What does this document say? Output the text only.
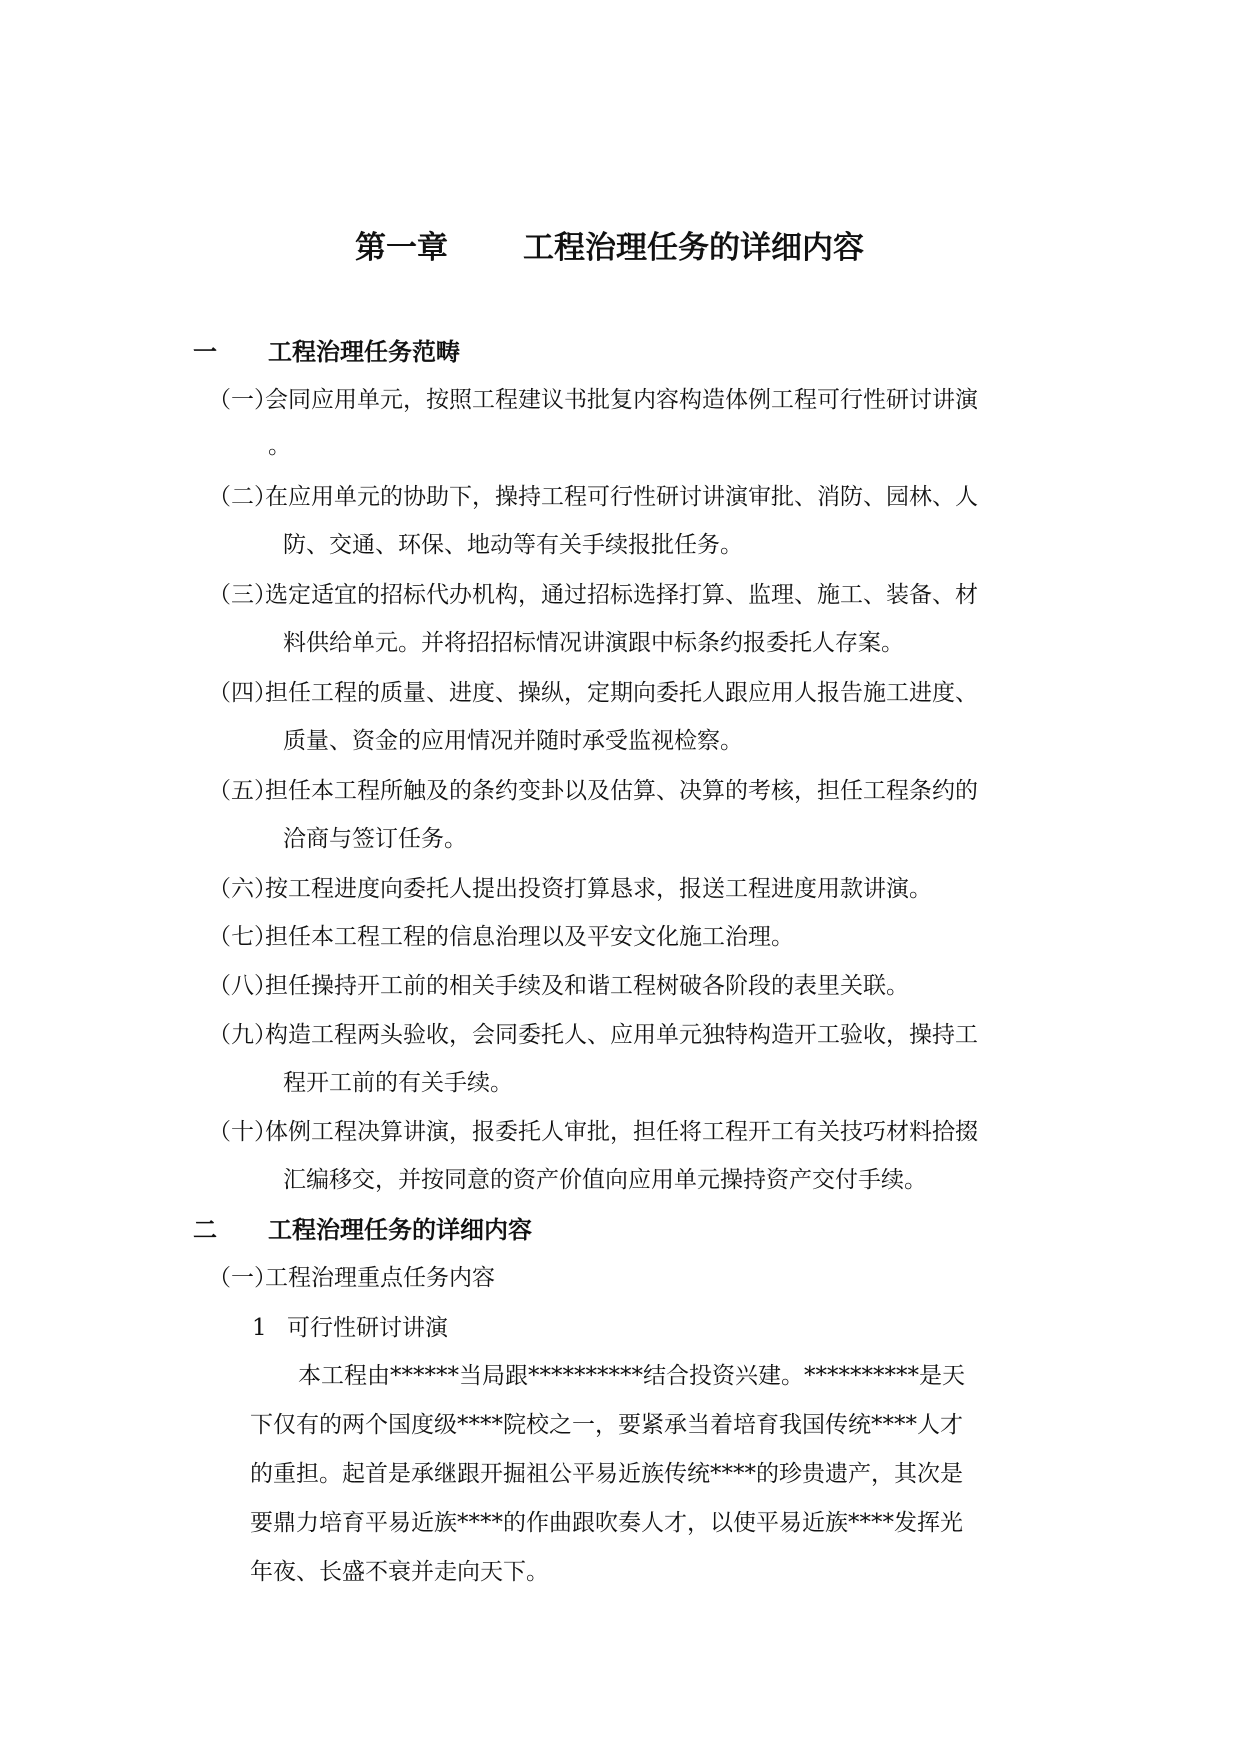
第一章 工程治理任务的详细内容
一 工程治理任务范畴
（一）
会同应用单元，按照工程建议书批复内容构造体例工程可行性研讨讲演
。
（二）
在应用单元的协助下，操持工程可行性研讨讲演审批、消防、园林、人
防、交通、环保、地动等有关手续报批任务。
（三）
选定适宜的招标代办机构，通过招标选择打算、监理、施工、装备、材
料供给单元。并将招招标情况讲演跟中标条约报委托人存案。
（四）
担任工程的质量、进度、操纵，定期向委托人跟应用人报告施工进度、
质量、资金的应用情况并随时承受监视检察。
（五）
担任本工程所触及的条约变卦以及估算、决算的考核，担任工程条约的
洽商与签订任务。
（六）
按工程进度向委托人提出投资打算恳求，报送工程进度用款讲演。
（七）
担任本工程工程的信息治理以及平安文化施工治理。
（八）
担任操持开工前的相关手续及和谐工程树破各阶段的表里关联。
（九）
构造工程两头验收，会同委托人、应用单元独特构造开工验收，操持工
程开工前的有关手续。
（十）
体例工程决算讲演，报委托人审批，担任将工程开工有关技巧材料拾掇
汇编移交，并按同意的资产价值向应用单元操持资产交付手续。
二 工程治理任务的详细内容
（一）
工程治理重点任务内容
1 可行性研讨讲演
本工程由******当局跟**********结合投资兴建。**********是天
下仅有的两个国度级****院校之一，要紧承当着培育我国传统****人才
的重担。起首是承继跟开掘祖公平易近族传统****的珍贵遗产，其次是
要鼎力培育平易近族****的作曲跟吹奏人才，以使平易近族****发挥光
年夜、长盛不衰并走向天下。
